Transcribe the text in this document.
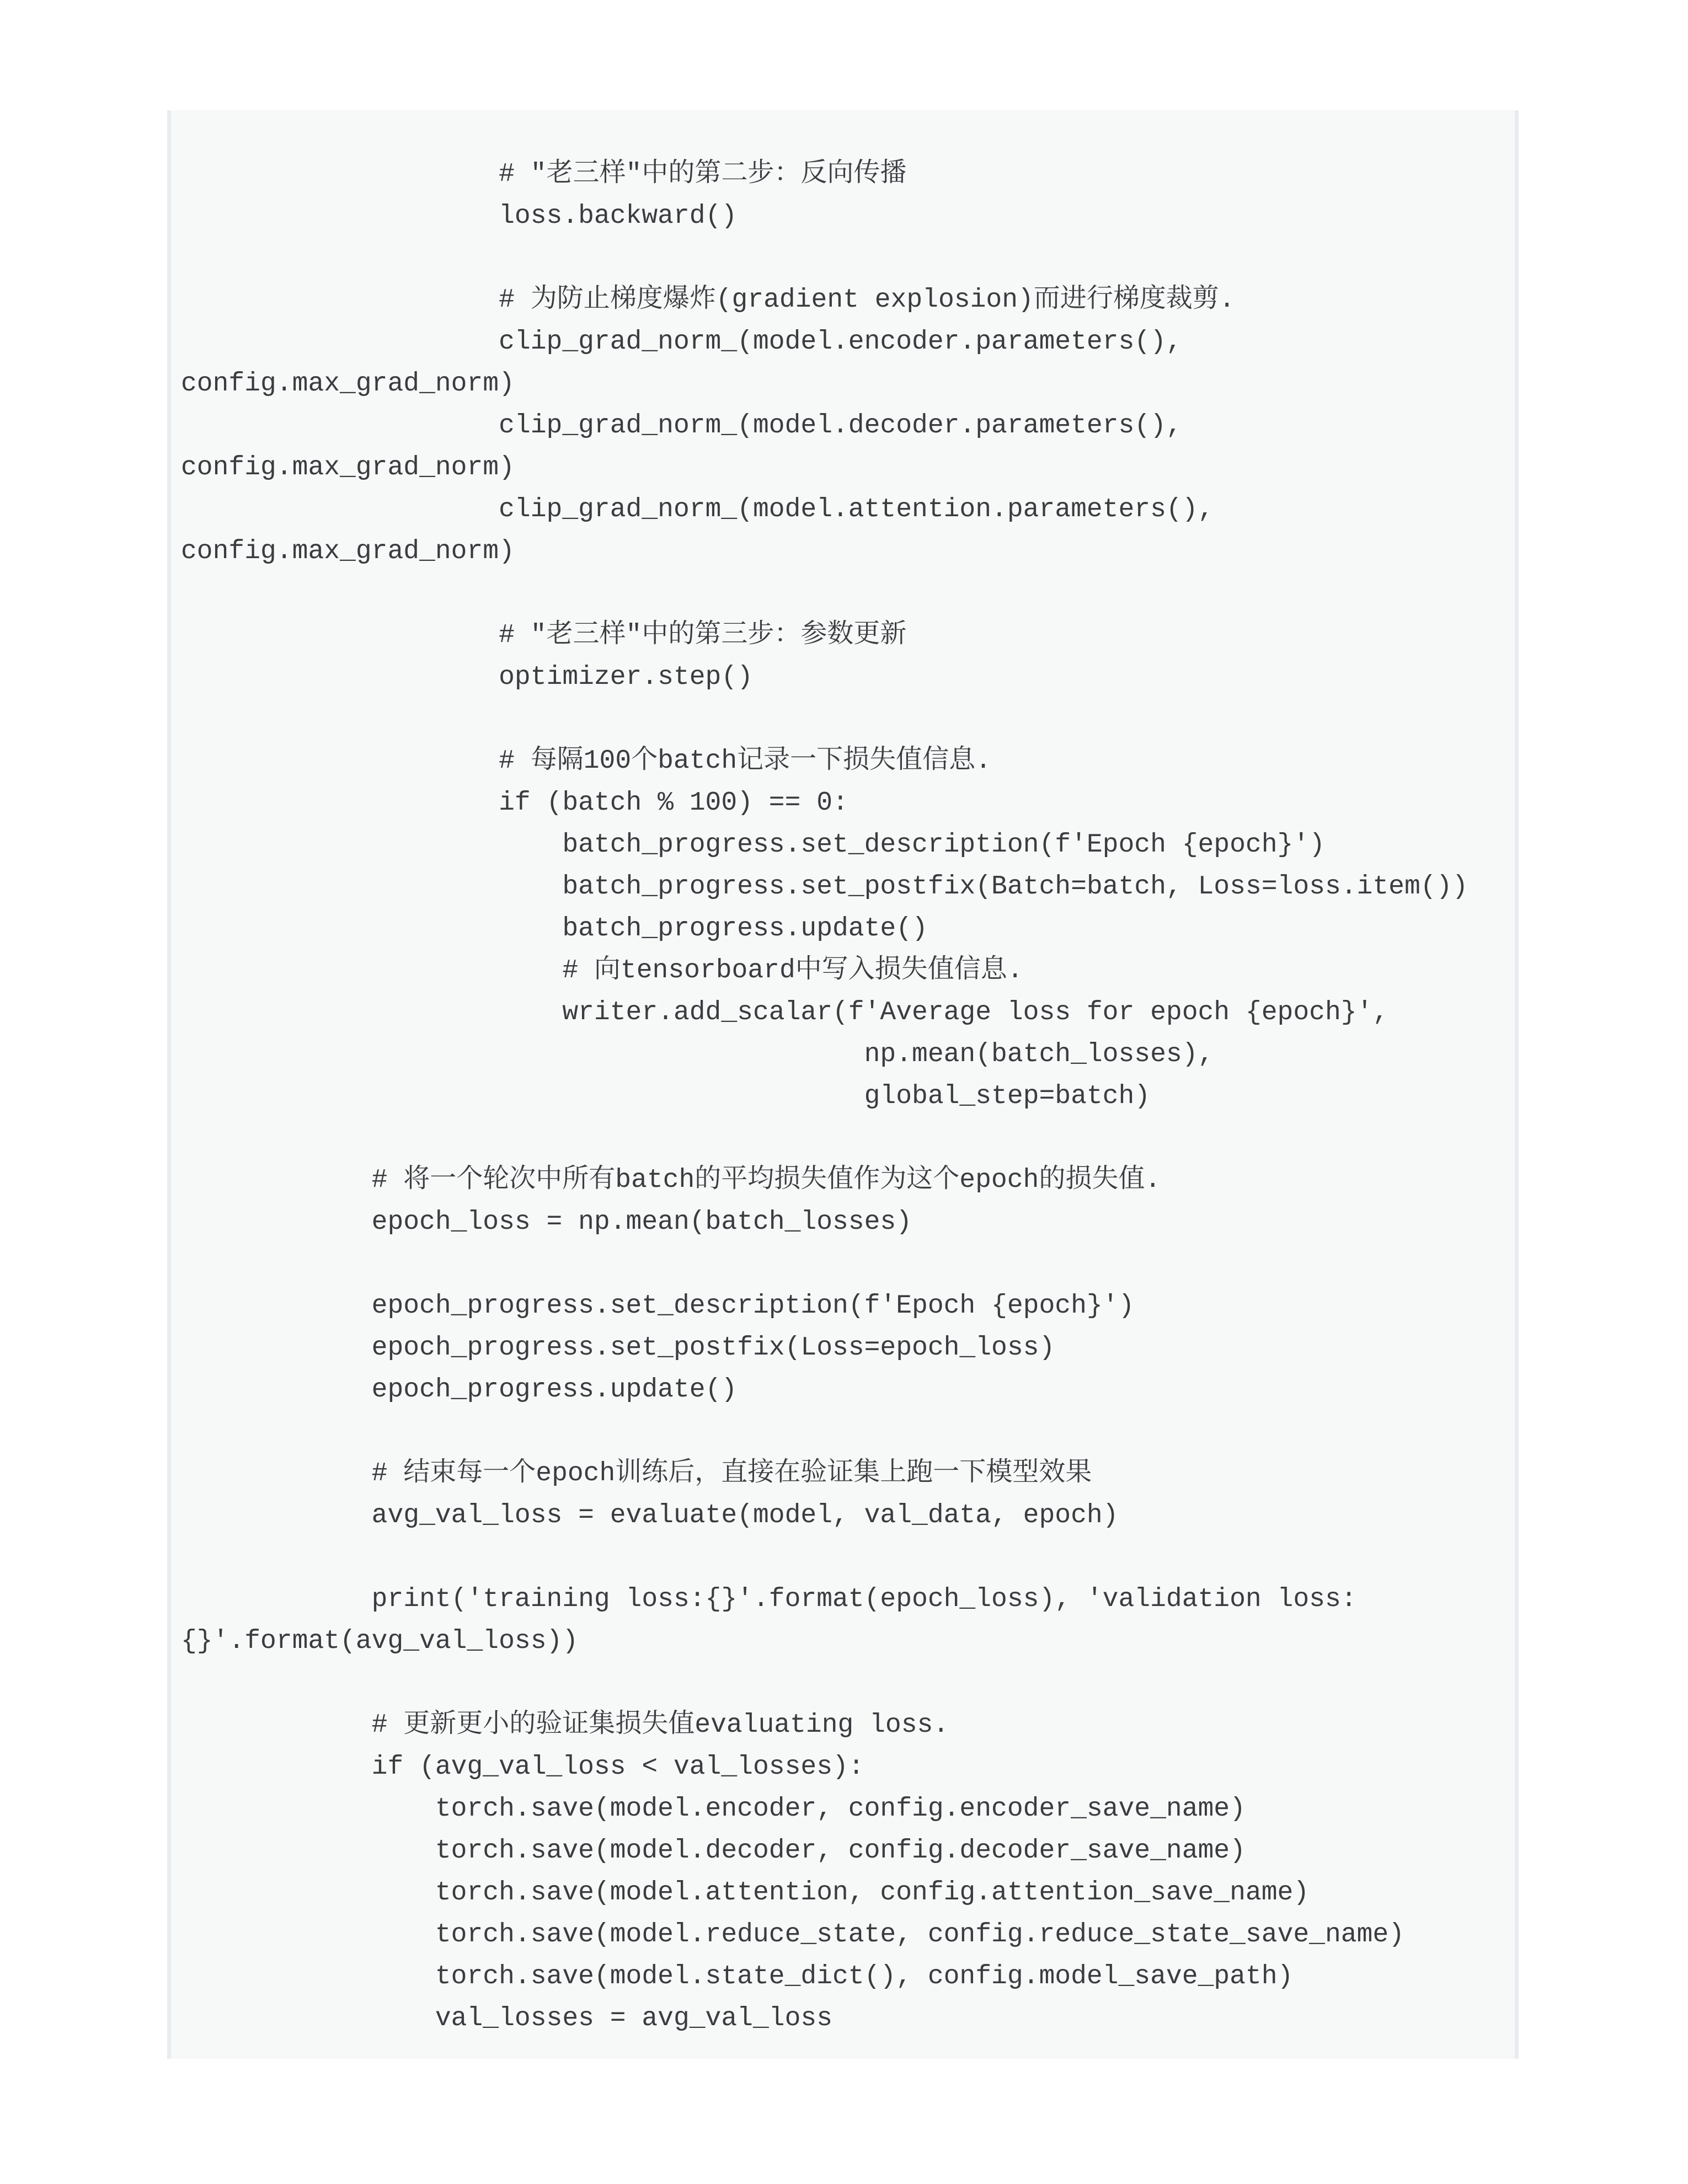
# "老三样"中的第二步：反向传播
loss.backward()
# 为防止梯度爆炸(gradient explosion)而进行梯度裁剪.
clip_grad_norm_(model.encoder.parameters(),
config.max_grad_norm)
clip_grad_norm_(model.decoder.parameters(),
config.max_grad_norm)
clip_grad_norm_(model.attention.parameters(),
config.max_grad_norm)
# "老三样"中的第三步：参数更新
optimizer.step()
# 每隔100个batch记录一下损失值信息.
if (batch % 100) == 0:
batch_progress.set_description(f'Epoch {epoch}')
batch_progress.set_postfix(Batch=batch, Loss=loss.item())
batch_progress.update()
# 向tensorboard中写入损失值信息.
writer.add_scalar(f'Average loss for epoch {epoch}',
np.mean(batch_losses),
global_step=batch)
# 将一个轮次中所有batch的平均损失值作为这个epoch的损失值.
epoch_loss = np.mean(batch_losses)
epoch_progress.set_description(f'Epoch {epoch}')
epoch_progress.set_postfix(Loss=epoch_loss)
epoch_progress.update()
# 结束每一个epoch训练后，直接在验证集上跑一下模型效果
avg_val_loss = evaluate(model, val_data, epoch)
print('training loss:{}'.format(epoch_loss), 'validation loss:
{}'.format(avg_val_loss))
# 更新更小的验证集损失值evaluating loss.
if (avg_val_loss < val_losses):
torch.save(model.encoder, config.encoder_save_name)
torch.save(model.decoder, config.decoder_save_name)
torch.save(model.attention, config.attention_save_name)
torch.save(model.reduce_state, config.reduce_state_save_name)
torch.save(model.state_dict(), config.model_save_path)
val_losses = avg_val_loss
